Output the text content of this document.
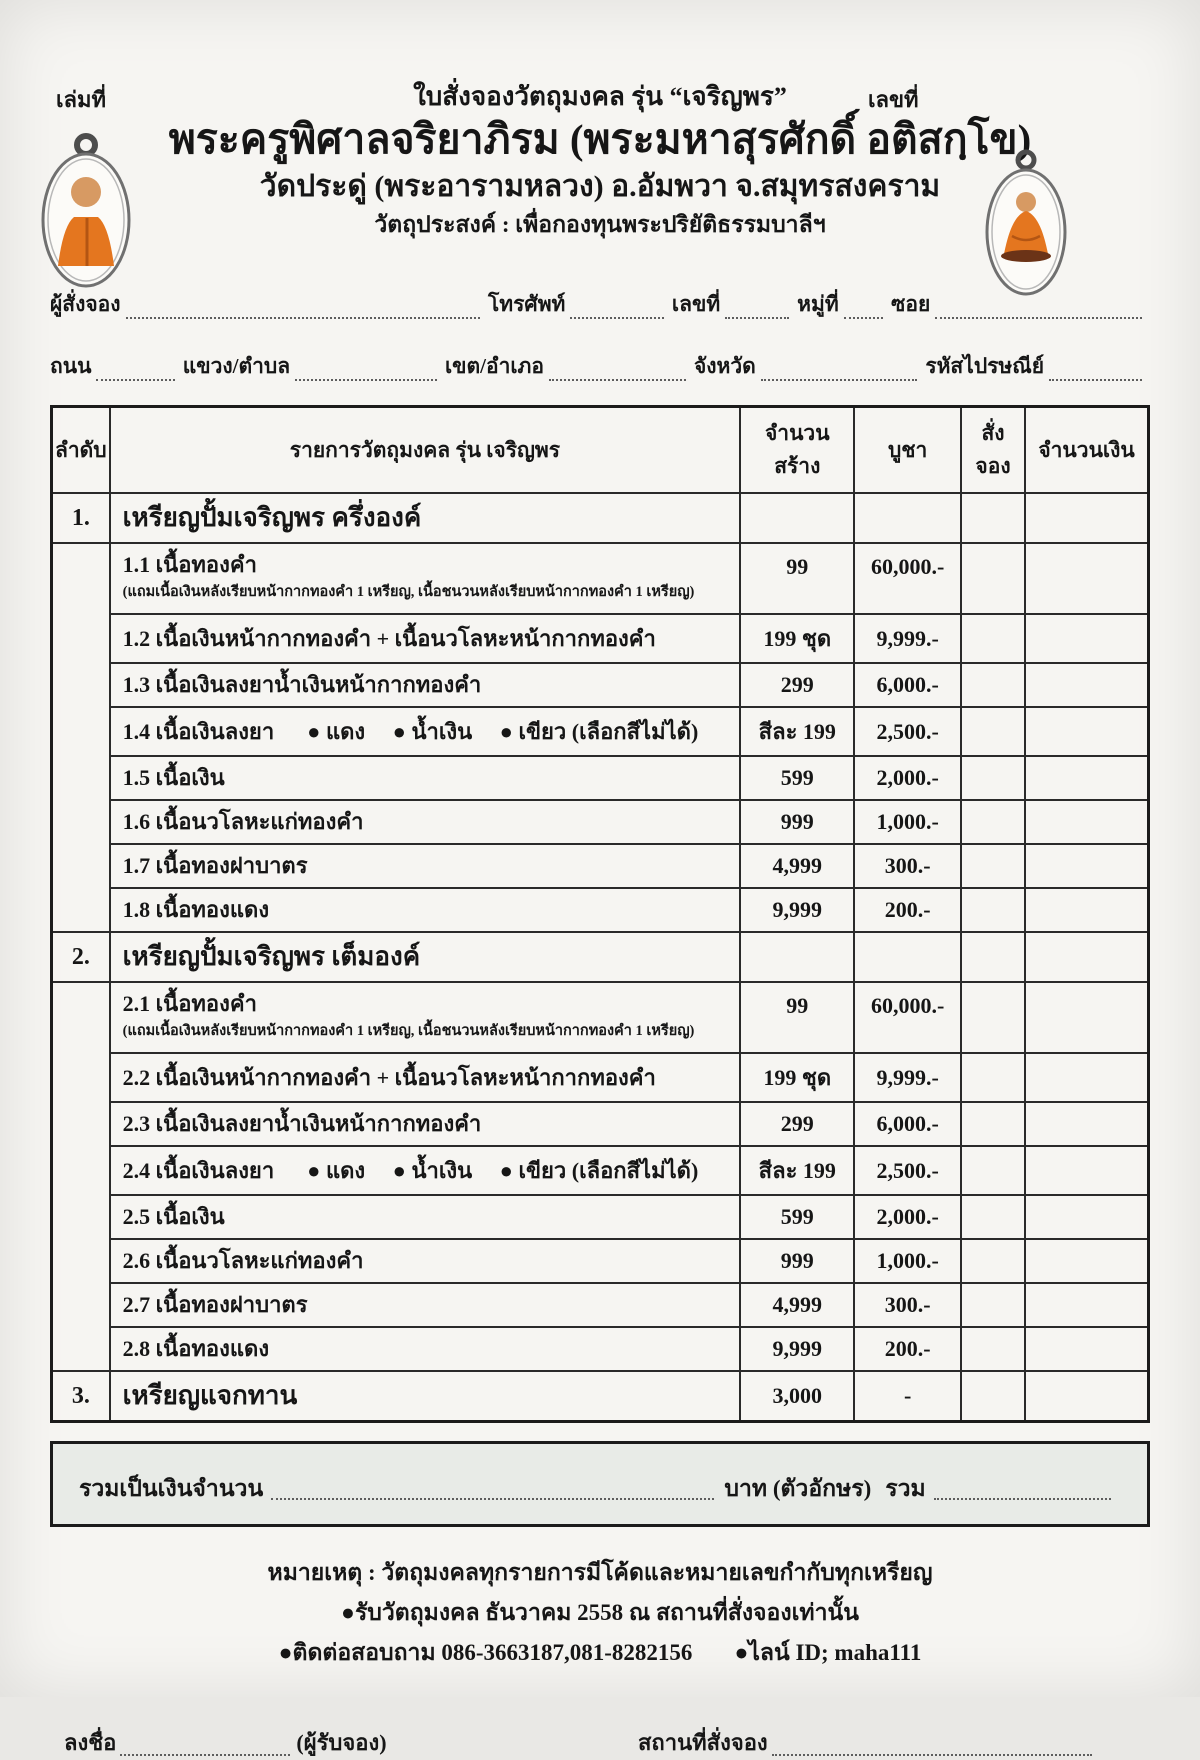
เล่มที่	ใบสั่งจองวัตถุมงคล รุ่น “เจริญพร”	เลขที่
พระครูพิศาลจริยาภิรม (พระมหาสุรศักดิ์ อติสกฺโข)
วัดประดู่ (พระอารามหลวง) อ.อัมพวา จ.สมุทรสงคราม
วัตถุประสงค์ : เพื่อกองทุนพระปริยัติธรรมบาลีฯ
ผู้สั่งจอง	โทรศัพท์	เลขที่	หมู่ที่ ซอย
ถนน	แขวง/ตำบล	เขต/อำเภอ	จังหวัด	รหัสไปรษณีย์
ลำดับ	รายการวัตถุมงคล รุ่น เจริญพร	จำนวนสร้าง	บูชา	สั่งจอง	จำนวนเงิน
1.	เหรียญปั้มเจริญพร ครึ่งองค์				

	1.1 เนื้อทองคำ
(แถมเนื้อเงินหลังเรียบหน้ากากทองคำ 1 เหรียญ, เนื้อชนวนหลังเรียบหน้ากากทองคำ 1 เหรียญ)	99	60,000.-		

	1.2 เนื้อเงินหน้ากากทองคำ + เนื้อนวโลหะหน้ากากทองคำ	199 ชุด	9,999.-		

	1.3 เนื้อเงินลงยาน้ำเงินหน้ากากทองคำ	299	6,000.-		

	1.4 เนื้อเงินลงยา      ● แดง     ● น้ำเงิน     ● เขียว (เลือกสีไม่ได้)	สีละ 199	2,500.-		

	1.5 เนื้อเงิน	599	2,000.-		

	1.6 เนื้อนวโลหะแก่ทองคำ	999	1,000.-		

	1.7 เนื้อทองฝาบาตร	4,999	300.-		

	1.8 เนื้อทองแดง	9,999	200.-		
2.	เหรียญปั้มเจริญพร เต็มองค์				

	2.1 เนื้อทองคำ
(แถมเนื้อเงินหลังเรียบหน้ากากทองคำ 1 เหรียญ, เนื้อชนวนหลังเรียบหน้ากากทองคำ 1 เหรียญ)	99	60,000.-		

	2.2 เนื้อเงินหน้ากากทองคำ + เนื้อนวโลหะหน้ากากทองคำ	199 ชุด	9,999.-		

	2.3 เนื้อเงินลงยาน้ำเงินหน้ากากทองคำ	299	6,000.-		

	2.4 เนื้อเงินลงยา      ● แดง     ● น้ำเงิน     ● เขียว (เลือกสีไม่ได้)	สีละ 199	2,500.-		

	2.5 เนื้อเงิน	599	2,000.-		

	2.6 เนื้อนวโลหะแก่ทองคำ	999	1,000.-		

	2.7 เนื้อทองฝาบาตร	4,999	300.-		

	2.8 เนื้อทองแดง	9,999	200.-		
3.	เหรียญแจกทาน	3,000	-		
รวมเป็นเงินจำนวน	บาท (ตัวอักษร) รวม
หมายเหตุ : วัตถุมงคลทุกรายการมีโค้ดและหมายเลขกำกับทุกเหรียญ
●รับวัตถุมงคล ธันวาคม 2558 ณ สถานที่สั่งจองเท่านั้น
●ติดต่อสอบถาม 086-3663187,081-8282156 ●ไลน์ ID; maha111
ลงชื่อ	(ผู้รับจอง)	สถานที่สั่งจอง
